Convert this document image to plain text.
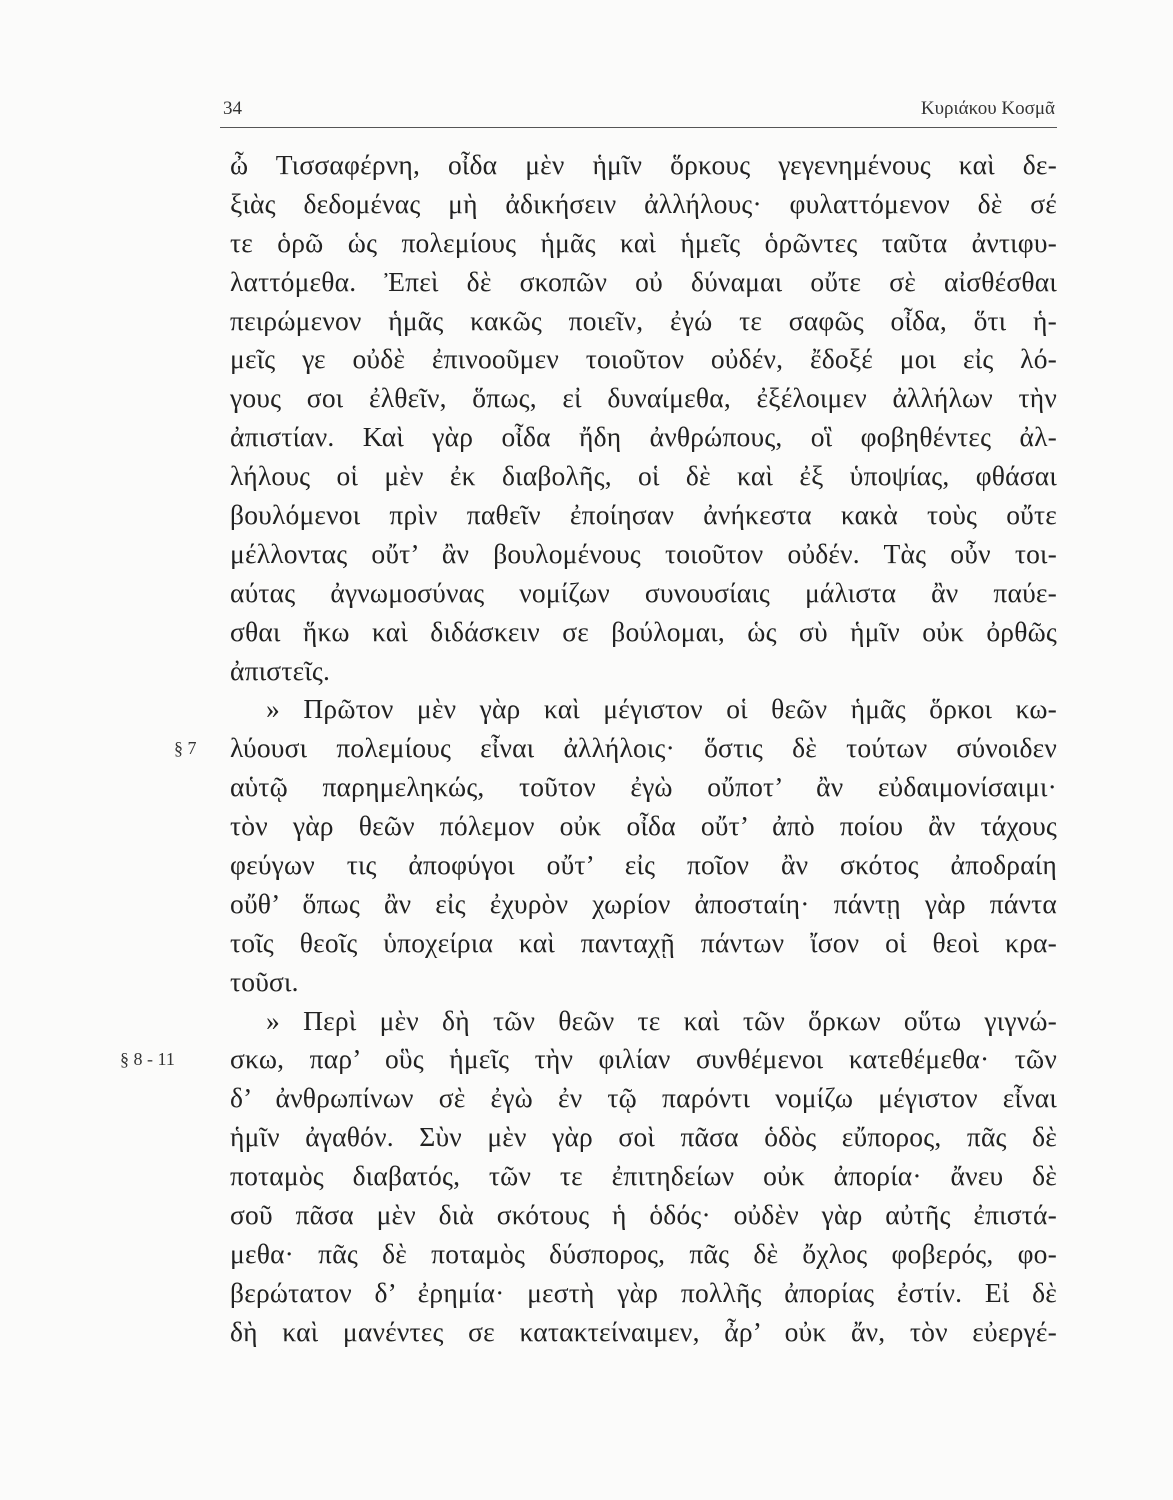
34	Κυριάκου Κοσμᾶ
§ 7
§ 8 - 11
ὦ Τισσαφέρνη, οἶδα μὲν ἡμῖν ὅρκους γεγενημένους καὶ δε-
ξιὰς δεδομένας μὴ ἀδικήσειν ἀλλήλους· φυλαττόμενον δὲ σέ
τε ὁρῶ ὡς πολεμίους ἡμᾶς καὶ ἡμεῖς ὁρῶντες ταῦτα ἀντιφυ-
λαττόμεθα. Ἐπεὶ δὲ σκοπῶν οὐ δύναμαι οὔτε σὲ αἰσθέσθαι
πειρώμενον ἡμᾶς κακῶς ποιεῖν, ἐγώ τε σαφῶς οἶδα, ὅτι ἡ-
μεῖς γε οὐδὲ ἐπινοοῦμεν τοιοῦτον οὐδέν, ἔδοξέ μοι εἰς λό-
γους σοι ἐλθεῖν, ὅπως, εἰ δυναίμεθα, ἐξέλοιμεν ἀλλήλων τὴν
ἀπιστίαν. Καὶ γὰρ οἶδα ἤδη ἀνθρώπους, οἳ φοβηθέντες ἀλ-
λήλους οἱ μὲν ἐκ διαβολῆς, οἱ δὲ καὶ ἐξ ὑποψίας, φθάσαι
βουλόμενοι πρὶν παθεῖν ἐποίησαν ἀνήκεστα κακὰ τοὺς οὔτε
μέλλοντας οὔτ’ ἂν βουλομένους τοιοῦτον οὐδέν. Τὰς οὖν τοι-
αύτας ἀγνωμοσύνας νομίζων συνουσίαις μάλιστα ἂν παύε-
σθαι ἥκω καὶ διδάσκειν σε βούλομαι, ὡς σὺ ἡμῖν οὐκ ὀρθῶς
ἀπιστεῖς.
» Πρῶτον μὲν γὰρ καὶ μέγιστον οἱ θεῶν ἡμᾶς ὅρκοι κω-
λύουσι πολεμίους εἶναι ἀλλήλοις· ὅστις δὲ τούτων σύνοιδεν
αὑτῷ παρημεληκώς, τοῦτον ἐγὼ οὔποτ’ ἂν εὐδαιμονίσαιμι·
τὸν γὰρ θεῶν πόλεμον οὐκ οἶδα οὔτ’ ἀπὸ ποίου ἂν τάχους
φεύγων τις ἀποφύγοι οὔτ’ εἰς ποῖον ἂν σκότος ἀποδραίη
οὔθ’ ὅπως ἂν εἰς ἐχυρὸν χωρίον ἀποσταίη· πάντῃ γὰρ πάντα
τοῖς θεοῖς ὑποχείρια καὶ πανταχῇ πάντων ἴσον οἱ θεοὶ κρα-
τοῦσι.
» Περὶ μὲν δὴ τῶν θεῶν τε καὶ τῶν ὅρκων οὕτω γιγνώ-
σκω, παρ’ οὓς ἡμεῖς τὴν φιλίαν συνθέμενοι κατεθέμεθα· τῶν
δ’ ἀνθρωπίνων σὲ ἐγὼ ἐν τῷ παρόντι νομίζω μέγιστον εἶναι
ἡμῖν ἀγαθόν. Σὺν μὲν γὰρ σοὶ πᾶσα ὁδὸς εὔπορος, πᾶς δὲ
ποταμὸς διαβατός, τῶν τε ἐπιτηδείων οὐκ ἀπορία· ἄνευ δὲ
σοῦ πᾶσα μὲν διὰ σκότους ἡ ὁδός· οὐδὲν γὰρ αὐτῆς ἐπιστά-
μεθα· πᾶς δὲ ποταμὸς δύσπορος, πᾶς δὲ ὄχλος φοβερός, φο-
βερώτατον δ’ ἐρημία· μεστὴ γὰρ πολλῆς ἀπορίας ἐστίν. Εἰ δὲ
δὴ καὶ μανέντες σε κατακτείναιμεν, ἆρ’ οὐκ ἄν, τὸν εὐεργέ-
